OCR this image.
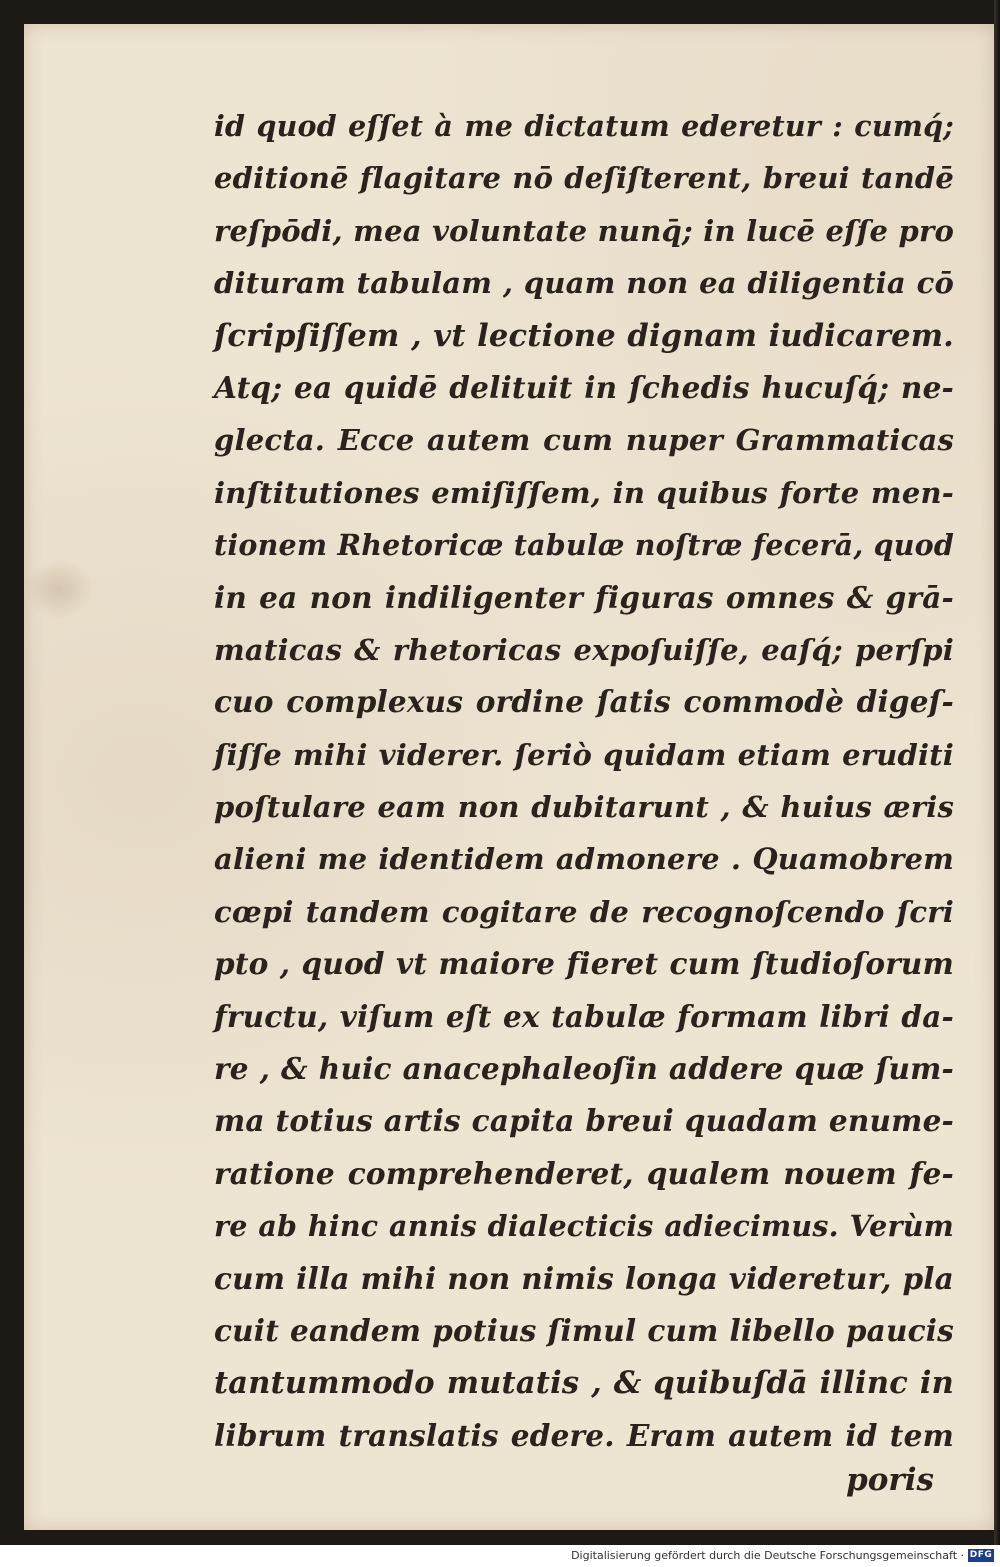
id quod eſſet à me dictatum ederetur : cumq́;
editionē flagitare nō deſiſterent, breui tandē
reſpōdi, mea voluntate nunq̄; in lucē eſſe pro
dituram tabulam , quam non ea diligentia cō
ſcripſiſſem , vt lectione dignam iudicarem.
Atq; ea quidē delituit in ſchedis hucuſq́; ne-
glecta. Ecce autem cum nuper Grammaticas
inſtitutiones emiſiſſem, in quibus forte men-
tionem Rhetoricæ tabulæ noſtræ fecerā, quod
in ea non indiligenter figuras omnes & grā-
maticas & rhetoricas expoſuiſſe, eaſq́; perſpi
cuo complexus ordine ſatis commodè digeſ-
ſiſſe mihi viderer. ſeriò quidam etiam eruditi
poſtulare eam non dubitarunt , & huius æris
alieni me identidem admonere . Quamobrem
cœpi tandem cogitare de recognoſcendo ſcri
pto , quod vt maiore fieret cum ſtudioſorum
fructu, viſum eſt ex tabulæ formam libri da-
re , & huic anacephaleoſin addere quæ ſum-
ma totius artis capita breui quadam enume-
ratione comprehenderet, qualem nouem fe-
re ab hinc annis dialecticis adiecimus. Verùm
cum illa mihi non nimis longa videretur, pla
cuit eandem potius ſimul cum libello paucis
tantummodo mutatis , & quibuſdā illinc in
librum translatis edere. Eram autem id tem
poris
Digitalisierung gefördert durch die Deutsche Forschungsgemeinschaft · DFG
